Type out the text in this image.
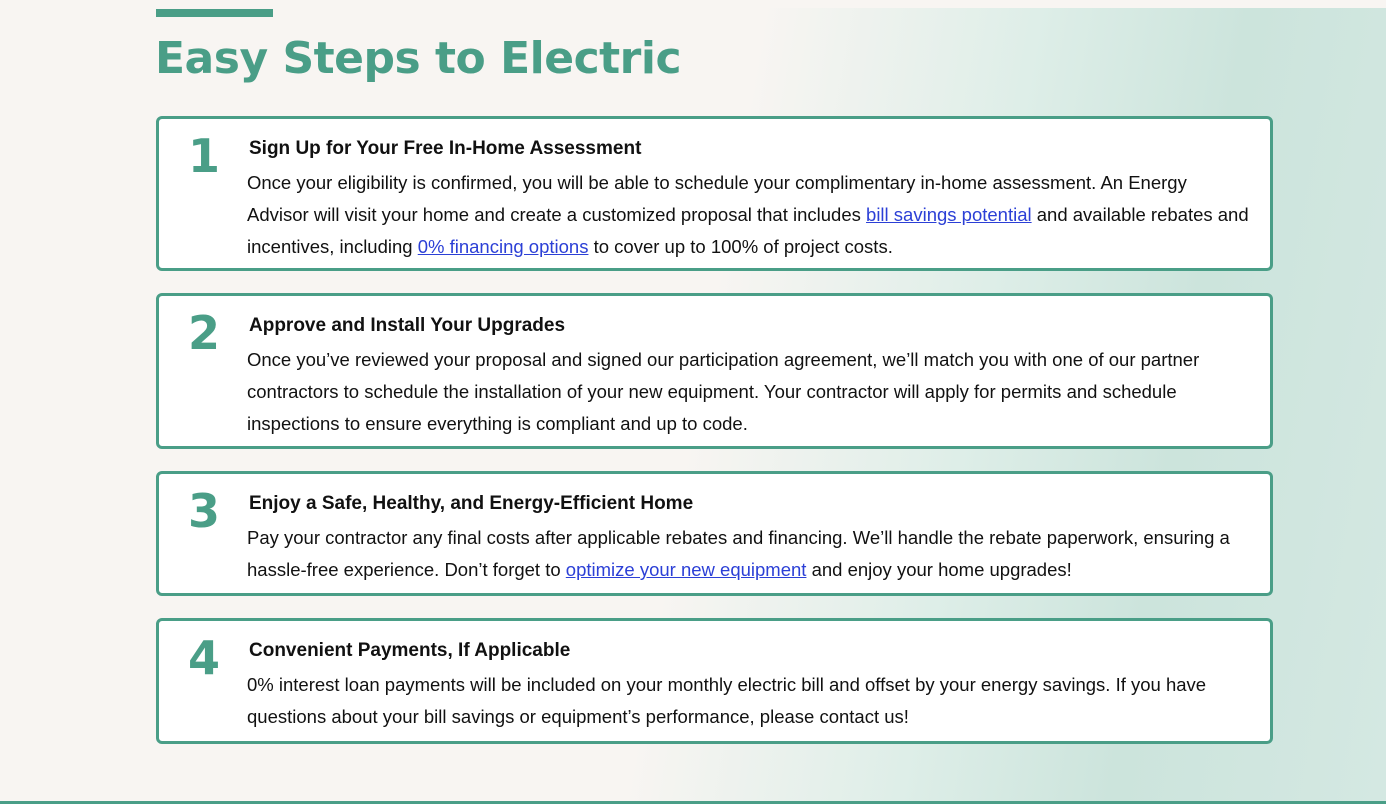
Easy Steps to Electric
1 Sign Up for Your Free In-Home Assessment

Once your eligibility is confirmed, you will be able to schedule your complimentary in-home assessment. An Energy Advisor will visit your home and create a customized proposal that includes bill savings potential and available rebates and incentives, including 0% financing options to cover up to 100% of project costs.

2 Approve and Install Your Upgrades

Once you’ve reviewed your proposal and signed our participation agreement, we’ll match you with one of our partner contractors to schedule the installation of your new equipment. Your contractor will apply for permits and schedule inspections to ensure everything is compliant and up to code.

3 Enjoy a Safe, Healthy, and Energy-Efficient Home

Pay your contractor any final costs after applicable rebates and financing. We’ll handle the rebate paperwork, ensuring a hassle-free experience. Don’t forget to optimize your new equipment and enjoy your home upgrades!

4 Convenient Payments, If Applicable

0% interest loan payments will be included on your monthly electric bill and offset by your energy savings. If you have questions about your bill savings or equipment’s performance, please contact us!
